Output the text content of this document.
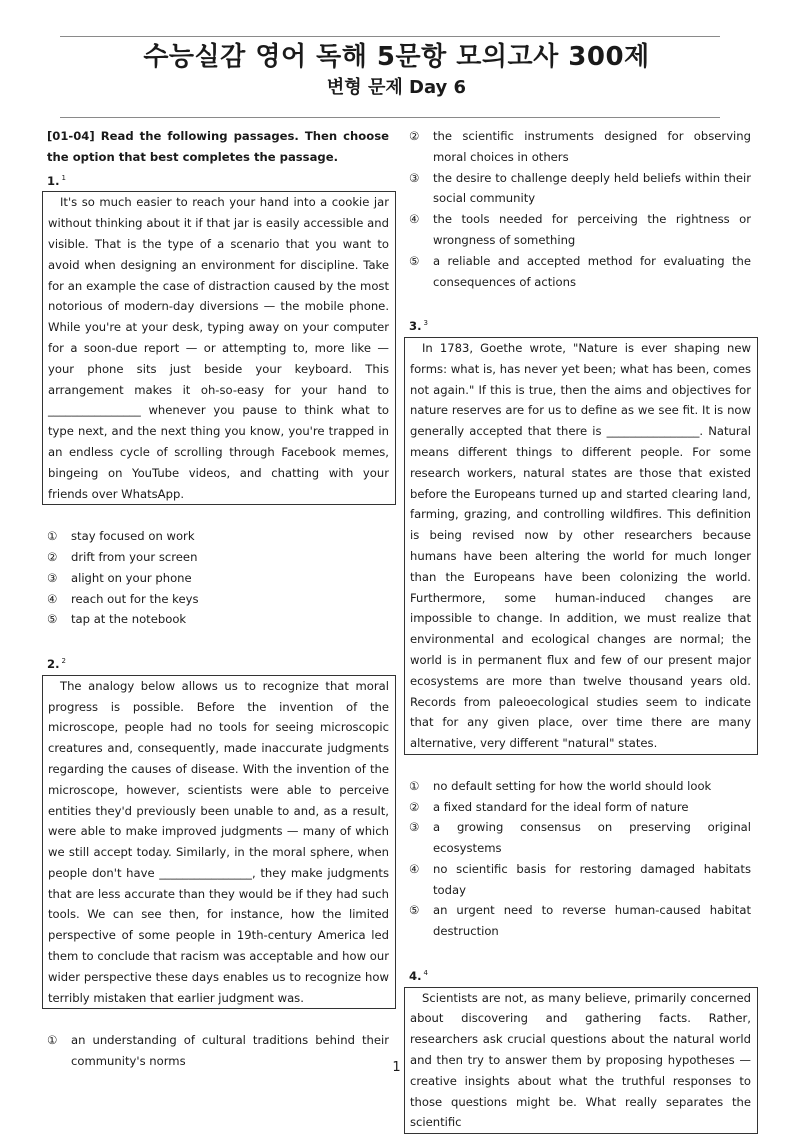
수능실감 영어 독해 5문항 모의고사 300제
변형 문제 Day 6

[01-04] Read the following passages. Then choose the option that best completes the passage.

1. $^1$

It's so much easier to reach your hand into a cookie jar without thinking about it if that jar is easily accessible and visible. That is the type of a scenario that you want to avoid when designing an environment for discipline. Take for an example the case of distraction caused by the most notorious of modern-day diversions — the mobile phone. While you're at your desk, typing away on your computer for a soon-due report — or attempting to, more like — your phone sits just beside your keyboard. This arrangement makes it oh-so-easy for your hand to ________________ whenever you pause to think what to type next, and the next thing you know, you're trapped in an endless cycle of scrolling through Facebook memes, bingeing on YouTube videos, and chatting with your friends over WhatsApp.
① stay focused on work
② drift from your screen
③ alight on your phone
④ reach out for the keys
⑤ tap at the notebook

2. $^2$

The analogy below allows us to recognize that moral progress is possible. Before the invention of the microscope, people had no tools for seeing microscopic creatures and, consequently, made inaccurate judgments regarding the causes of disease. With the invention of the microscope, however, scientists were able to perceive entities they'd previously been unable to and, as a result, were able to make improved judgments — many of which we still accept today. Similarly, in the moral sphere, when people don't have ________________, they make judgments that are less accurate than they would be if they had such tools. We can see then, for instance, how the limited perspective of some people in 19th-century America led them to conclude that racism was acceptable and how our wider perspective these days enables us to recognize how terribly mistaken that earlier judgment was.
① an understanding of cultural traditions behind their community's norms
② the scientific instruments designed for observing moral choices in others
③ the desire to challenge deeply held beliefs within their social community
④ the tools needed for perceiving the rightness or wrongness of something
⑤ a reliable and accepted method for evaluating the consequences of actions

3. $^3$

In 1783, Goethe wrote, "Nature is ever shaping new forms: what is, has never yet been; what has been, comes not again." If this is true, then the aims and objectives for nature reserves are for us to define as we see fit. It is now generally accepted that there is ________________. Natural means different things to different people. For some research workers, natural states are those that existed before the Europeans turned up and started clearing land, farming, grazing, and controlling wildfires. This definition is being revised now by other researchers because humans have been altering the world for much longer than the Europeans have been colonizing the world. Furthermore, some human-induced changes are impossible to change. In addition, we must realize that environmental and ecological changes are normal; the world is in permanent flux and few of our present major ecosystems are more than twelve thousand years old. Records from paleoecological studies seem to indicate that for any given place, over time there are many alternative, very different "natural" states.
① no default setting for how the world should look
② a fixed standard for the ideal form of nature
③ a growing consensus on preserving original ecosystems
④ no scientific basis for restoring damaged habitats today
⑤ an urgent need to reverse human-caused habitat destruction

4. $^4$

Scientists are not, as many believe, primarily concerned about discovering and gathering facts. Rather, researchers ask crucial questions about the natural world and then try to answer them by proposing hypotheses — creative insights about what the truthful responses to those questions might be. What really separates the scientific
1
